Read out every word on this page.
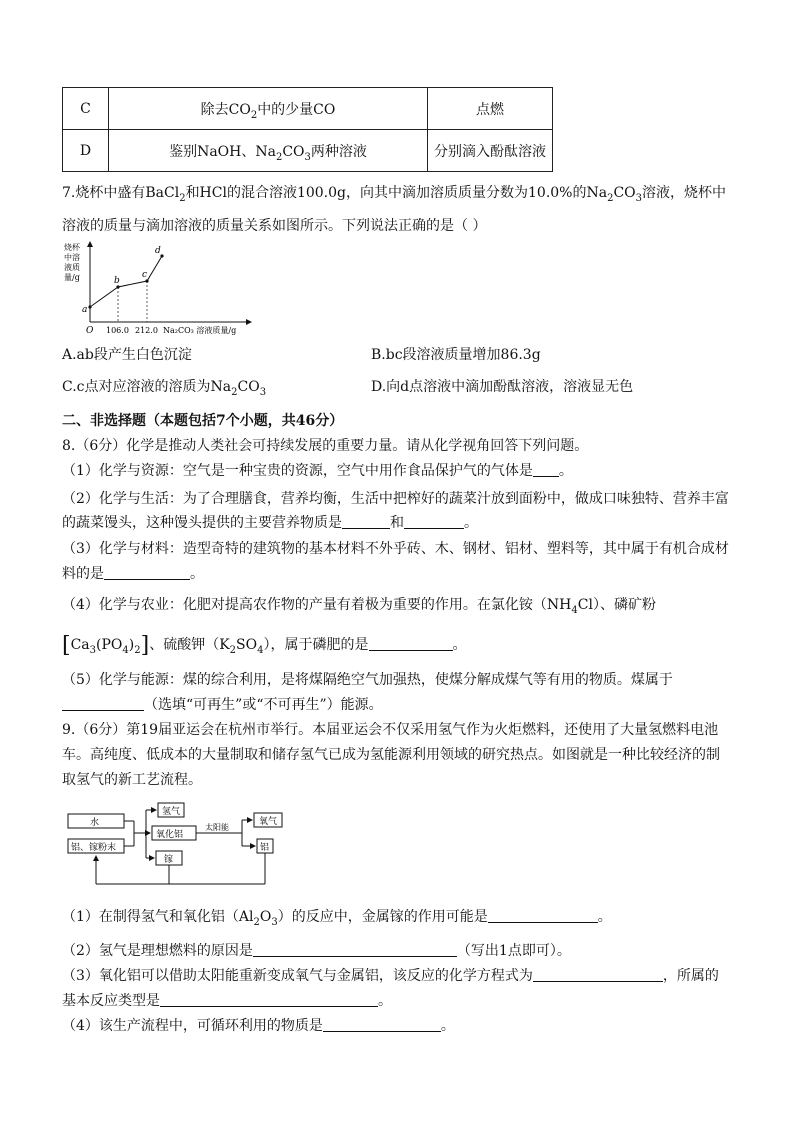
C	除去$CO_2$中的少量CO	点燃
D	鉴别NaOH、$Na_2CO_3$两种溶液	分别滴入酚酞溶液
7.烧杯中盛有BaCl$_2$和HCl的混合溶液100.0g，向其中滴加溶质质量分数为10.0%的$Na_2CO_3$溶液，烧杯中
溶液的质量与滴加溶液的质量关系如图所示。下列说法正确的是（ ）
烧杯
中溶
液质
量/g
a
b
c
d
O 106.0 212.0 Na₂CO₃ 溶液质量/g
A.ab段产生白色沉淀	B.bc段溶液质量增加86.3g
C.c点对应溶液的溶质为$Na_2CO_3$	D.向d点溶液中滴加酚酞溶液，溶液显无色
二、非选择题（本题包括7个小题，共46分）
8.（6分）化学是推动人类社会可持续发展的重要力量。请从化学视角回答下列问题。
（1）化学与资源：空气是一种宝贵的资源，空气中用作食品保护气的气体是 。
（2）化学与生活：为了合理膳食，营养均衡，生活中把榨好的蔬菜汁放到面粉中，做成口味独特、营养丰富
的蔬菜馒头，这种馒头提供的主要营养物质是	和	。
（3）化学与材料：造型奇特的建筑物的基本材料不外乎砖、木、钢材、铝材、塑料等，其中属于有机合成材
料的是	。
（4）化学与农业：化肥对提高农作物的产量有着极为重要的作用。在氯化铵$(NH_4Cl)$、磷矿粉
$[Ca_3(PO_4)_2]$、硫酸钾$(K_2SO_4)$，属于磷肥的是	。
（5）化学与能源：煤的综合利用，是将煤隔绝空气加强热，使煤分解成煤气等有用的物质。煤属于
（选填“可再生”或“不可再生”）能源。
9.（6分）第19届亚运会在杭州市举行。本届亚运会不仅采用氢气作为火炬燃料，还使用了大量氢燃料电池
车。高纯度、低成本的大量制取和储存氢气已成为氢能源利用领域的研究热点。如图就是一种比较经济的制
取氢气的新工艺流程。
水
铝、镓粉末
氢气
氧化铝
镓
太阳能
氧气
铝
（1）在制得氢气和氧化铝$(Al_2O_3)$的反应中，金属镓的作用可能是	。
（2）氢气是理想燃料的原因是	（写出1点即可）。
（3）氧化铝可以借助太阳能重新变成氧气与金属铝，该反应的化学方程式为	，所属的
基本反应类型是	。
（4）该生产流程中，可循环利用的物质是	。
